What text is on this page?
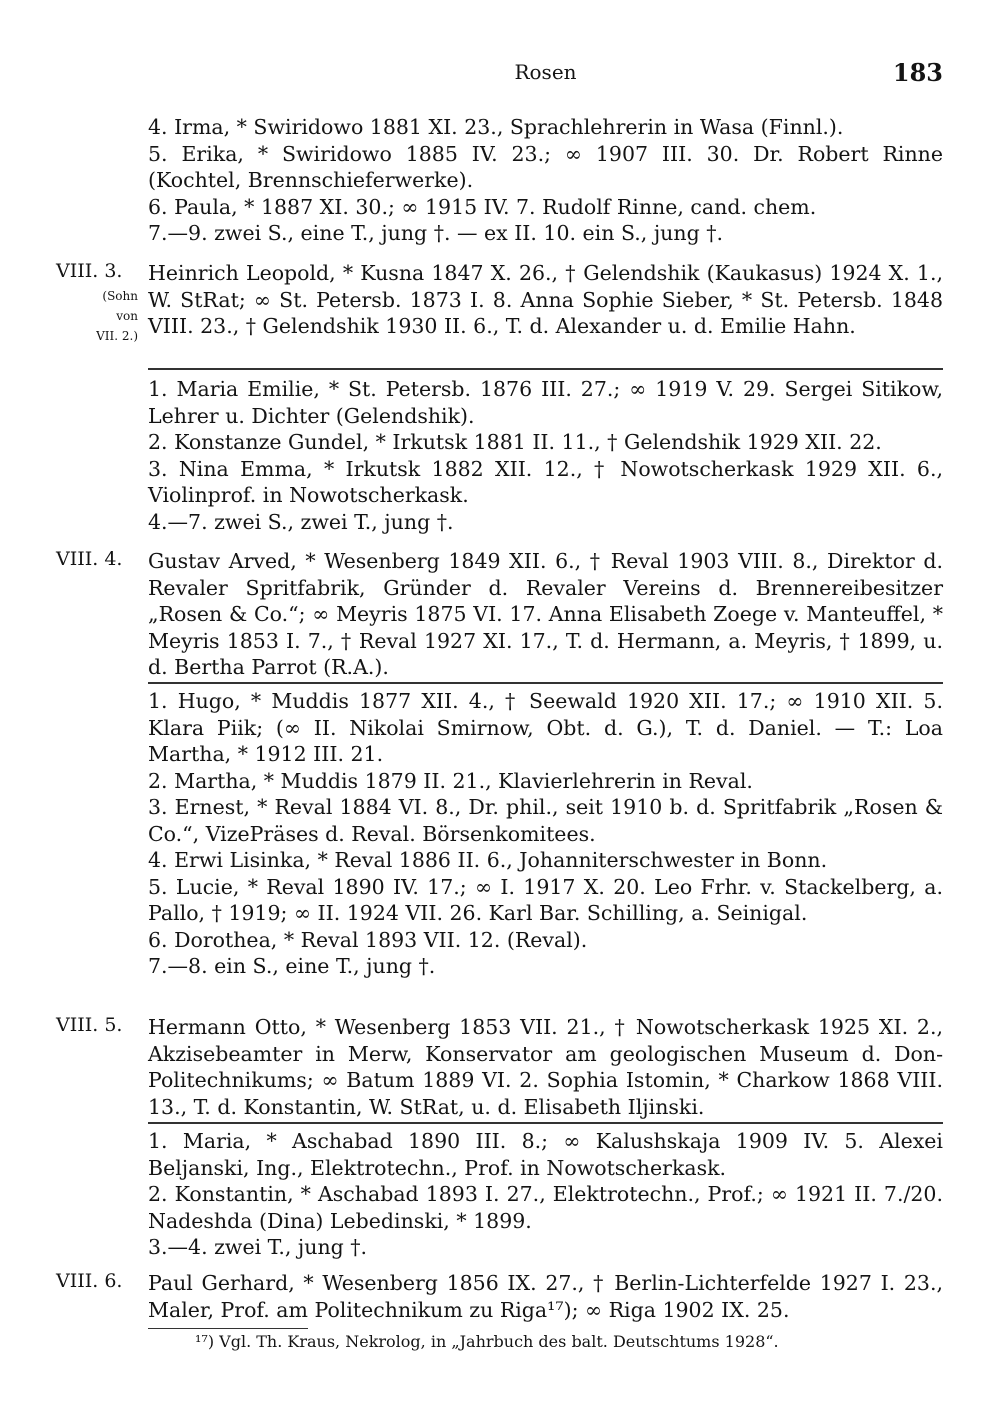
Rosen	183

4. Irma, * Swiridowo 1881 XI. 23., Sprachlehrerin in Wasa (Finnl.).

5. Erika, * Swiridowo 1885 IV. 23.; ∞ 1907 III. 30. Dr. Robert Rinne (Kochtel, Brennschieferwerke).

6. Paula, * 1887 XI. 30.; ∞ 1915 IV. 7. Rudolf Rinne, cand. chem.

7.—9. zwei S., eine T., jung †. — ex II. 10. ein S., jung †.

VIII. 3.
(Sohn
von
VII. 2.)

Heinrich Leopold, * Kusna 1847 X. 26., † Gelendshik (Kaukasus) 1924 X. 1., W. StRat; ∞ St. Petersb. 1873 I. 8. Anna Sophie Sieber, * St. Petersb. 1848 VIII. 23., † Gelendshik 1930 II. 6., T. d. Alexander u. d. Emilie Hahn.

1. Maria Emilie, * St. Petersb. 1876 III. 27.; ∞ 1919 V. 29. Sergei Sitikow, Lehrer u. Dichter (Gelendshik).

2. Konstanze Gundel, * Irkutsk 1881 II. 11., † Gelendshik 1929 XII. 22.

3. Nina Emma, * Irkutsk 1882 XII. 12., † Nowotscherkask 1929 XII. 6., Violinprof. in Nowotscherkask.

4.—7. zwei S., zwei T., jung †.

VIII. 4. Gustav Arved, * Wesenberg 1849 XII. 6., † Reval 1903 VIII. 8., Direktor d. Revaler Spritfabrik, Gründer d. Revaler Vereins d. Brennereibesitzer „Rosen & Co.“; ∞ Meyris 1875 VI. 17. Anna Elisabeth Zoege v. Manteuffel, * Meyris 1853 I. 7., † Reval 1927 XI. 17., T. d. Hermann, a. Meyris, † 1899, u. d. Bertha Parrot (R.A.).

1. Hugo, * Muddis 1877 XII. 4., † Seewald 1920 XII. 17.; ∞ 1910 XII. 5. Klara Piik; (∞ II. Nikolai Smirnow, Obt. d. G.), T. d. Daniel. — T.: Loa Martha, * 1912 III. 21.

2. Martha, * Muddis 1879 II. 21., Klavierlehrerin in Reval.

3. Ernest, * Reval 1884 VI. 8., Dr. phil., seit 1910 b. d. Spritfabrik „Rosen & Co.“, VizePräses d. Reval. Börsenkomitees.

4. Erwi Lisinka, * Reval 1886 II. 6., Johanniterschwester in Bonn.

5. Lucie, * Reval 1890 IV. 17.; ∞ I. 1917 X. 20. Leo Frhr. v. Stackelberg, a. Pallo, † 1919; ∞ II. 1924 VII. 26. Karl Bar. Schilling, a. Seinigal.

6. Dorothea, * Reval 1893 VII. 12. (Reval).

7.—8. ein S., eine T., jung †.

VIII. 5. Hermann Otto, * Wesenberg 1853 VII. 21., † Nowotscherkask 1925 XI. 2., Akzisebeamter in Merw, Konservator am geologischen Museum d. Don-Politechnikums; ∞ Batum 1889 VI. 2. Sophia Istomin, * Charkow 1868 VIII. 13., T. d. Konstantin, W. StRat, u. d. Elisabeth Iljinski.

1. Maria, * Aschabad 1890 III. 8.; ∞ Kalushskaja 1909 IV. 5. Alexei Beljanski, Ing., Elektrotechn., Prof. in Nowotscherkask.

2. Konstantin, * Aschabad 1893 I. 27., Elektrotechn., Prof.; ∞ 1921 II. 7./20. Nadeshda (Dina) Lebedinski, * 1899.

3.—4. zwei T., jung †.

VIII. 6. Paul Gerhard, * Wesenberg 1856 IX. 27., † Berlin-Lichterfelde 1927 I. 23., Maler, Prof. am Politechnikum zu Riga¹⁷); ∞ Riga 1902 IX. 25.

¹⁷) Vgl. Th. Kraus, Nekrolog, in „Jahrbuch des balt. Deutschtums 1928“.
